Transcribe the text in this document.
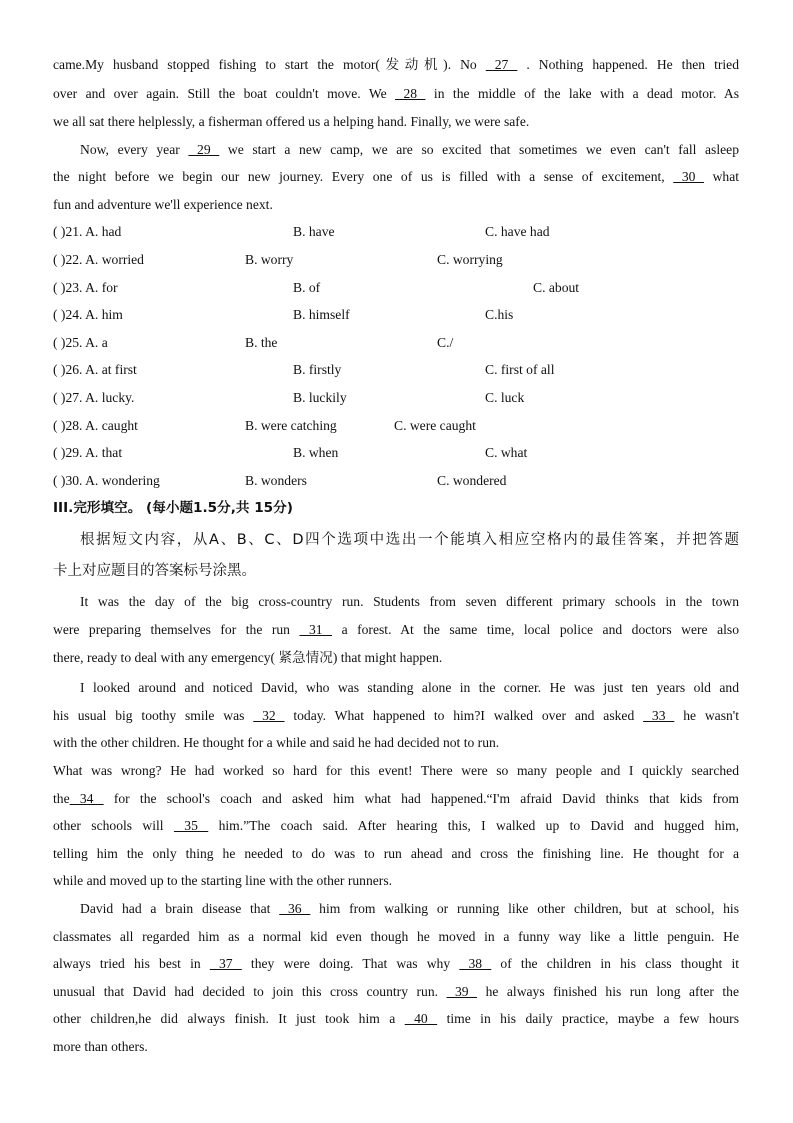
came.My husband stopped fishing to start the motor(发动机). No  27  . Nothing happened. He then tried
over and over again. Still the boat couldn't move. We  28  in the middle of the lake with a dead motor. As
we all sat there helplessly, a fisherman offered us a helping hand. Finally, we were safe.
Now, every year  29  we start a new camp, we are so excited that sometimes we even can't fall asleep
the night before we begin our new journey. Every one of us is filled with a sense of excitement,  30  what
fun and adventure we'll experience next.
( )21. A. had	B. have	C. have had
( )22. A. worried	B. worry	C. worrying
( )23. A. for	B. of	C. about
( )24. A. him	B. himself	C.his
( )25. A. a	B. the	C./
( )26. A. at first	B. firstly	C. first of all
( )27. A. lucky.	B. luckily	C. luck
( )28. A. caught	B. were catching	C. were caught
( )29. A. that	B. when	C. what
( )30. A. wondering	B. wonders	C. wondered
III.完形填空。 (每小题1.5分,共 15分)
根据短文内容，从A、B、C、D四个选项中选出一个能填入相应空格内的最佳答案，并把答题
卡上对应题目的答案标号涂黑。
It was the day of the big cross-country run. Students from seven different primary schools in the town
were preparing themselves for the run  31  a forest. At the same time, local police and doctors were also
there, ready to deal with any emergency( 紧急情况) that might happen.
I looked around and noticed David, who was standing alone in the corner. He was just ten years old and
his usual big toothy smile was  32  today. What happened to him?I walked over and asked  33  he wasn't
with the other children. He thought for a while and said he had decided not to run.
What was wrong? He had worked so hard for this event! There were so many people and I quickly searched
the 34  for the school's coach and asked him what had happened.“I'm afraid David thinks that kids from
other schools will  35  him.”The coach said. After hearing this, I walked up to David and hugged him,
telling him the only thing he needed to do was to run ahead and cross the finishing line. He thought for a
while and moved up to the starting line with the other runners.
David had a brain disease that  36  him from walking or running like other children, but at school, his
classmates all regarded him as a normal kid even though he moved in a funny way like a little penguin. He
always tried his best in  37  they were doing. That was why  38  of the children in his class thought it
unusual that David had decided to join this cross country run.  39  he always finished his run long after the
other children,he did always finish. It just took him a  40  time in his daily practice, maybe a few hours
more than others.
